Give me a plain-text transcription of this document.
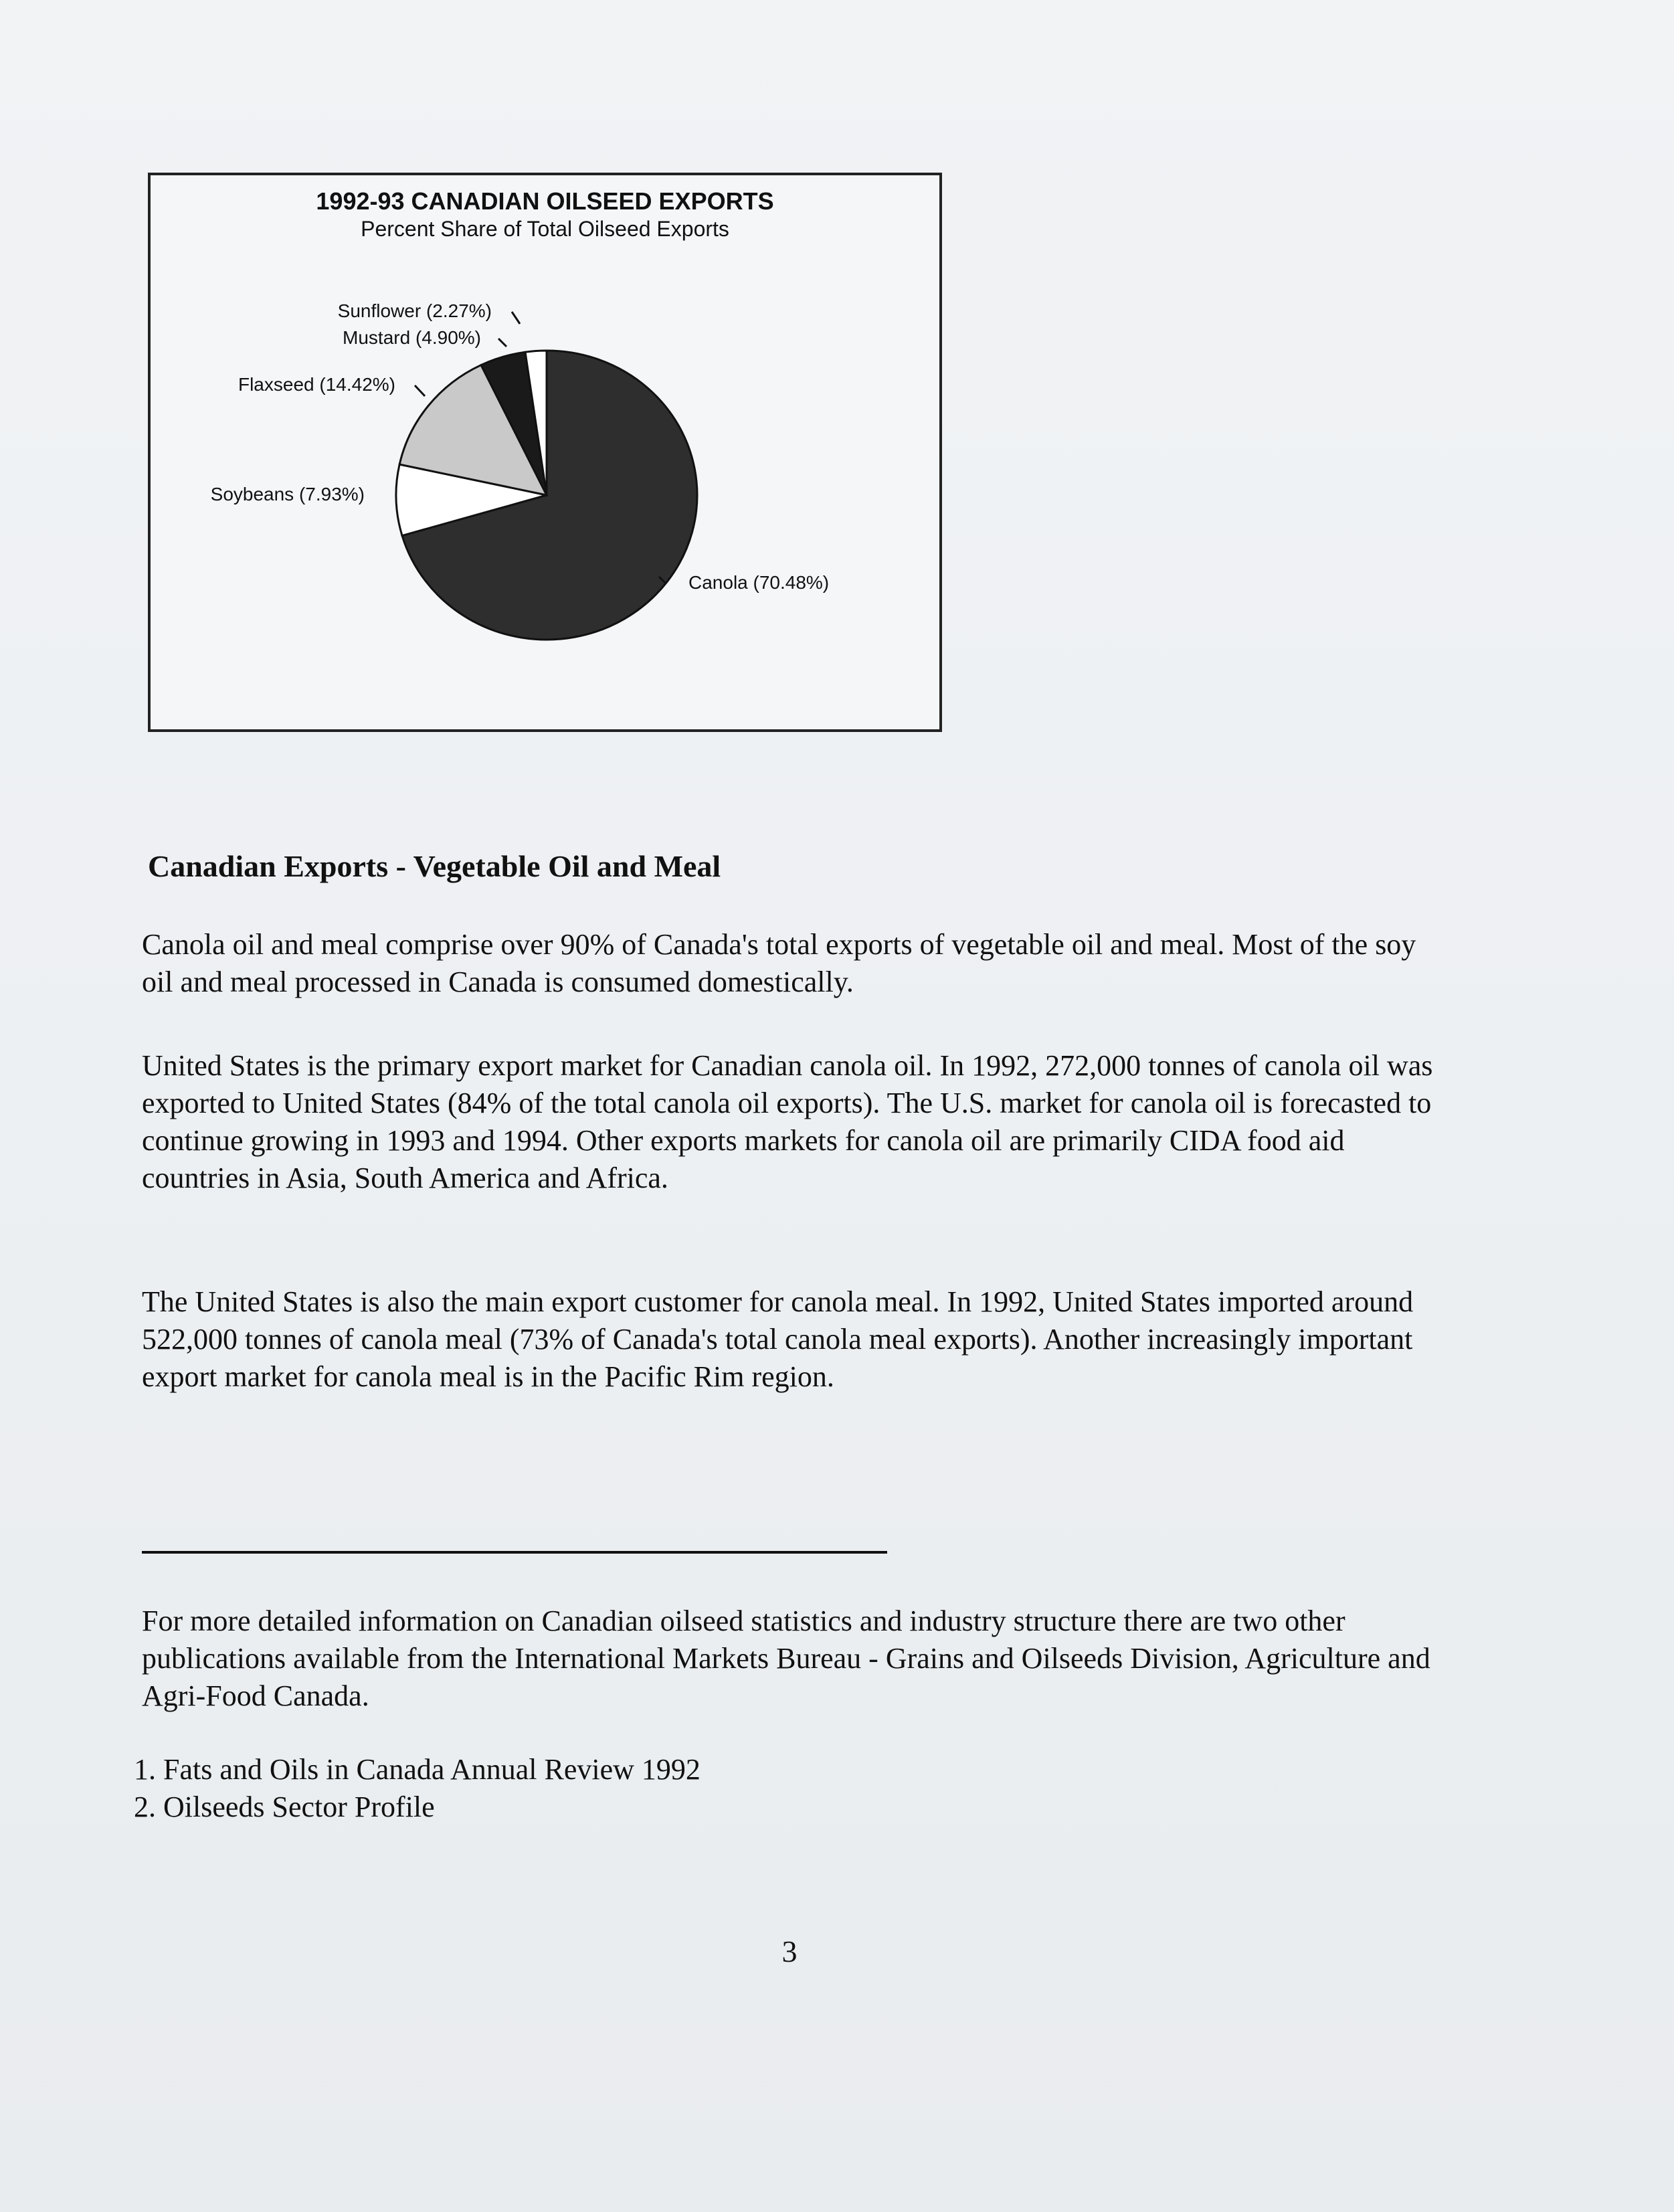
1992-93 CANADIAN OILSEED EXPORTS
Percent Share of Total Oilseed Exports
Canola (70.48%)
Soybeans (7.93%)
Flaxseed (14.42%)
Mustard (4.90%)
Sunflower (2.27%)
Canadian Exports - Vegetable Oil and Meal

Canola oil and meal comprise over 90% of Canada's total exports of vegetable oil and meal. Most of the soy oil and meal processed in Canada is consumed domestically.

United States is the primary export market for Canadian canola oil. In 1992, 272,000 tonnes of canola oil was exported to United States (84% of the total canola oil exports). The U.S. market for canola oil is forecasted to continue growing in 1993 and 1994. Other exports markets for canola oil are primarily CIDA food aid countries in Asia, South America and Africa.

The United States is also the main export customer for canola meal. In 1992, United States imported around 522,000 tonnes of canola meal (73% of Canada's total canola meal exports). Another increasingly important export market for canola meal is in the Pacific Rim region.

For more detailed information on Canadian oilseed statistics and industry structure there are two other publications available from the International Markets Bureau - Grains and Oilseeds Division, Agriculture and Agri-Food Canada.

1. Fats and Oils in Canada Annual Review 1992
2. Oilseeds Sector Profile
3
